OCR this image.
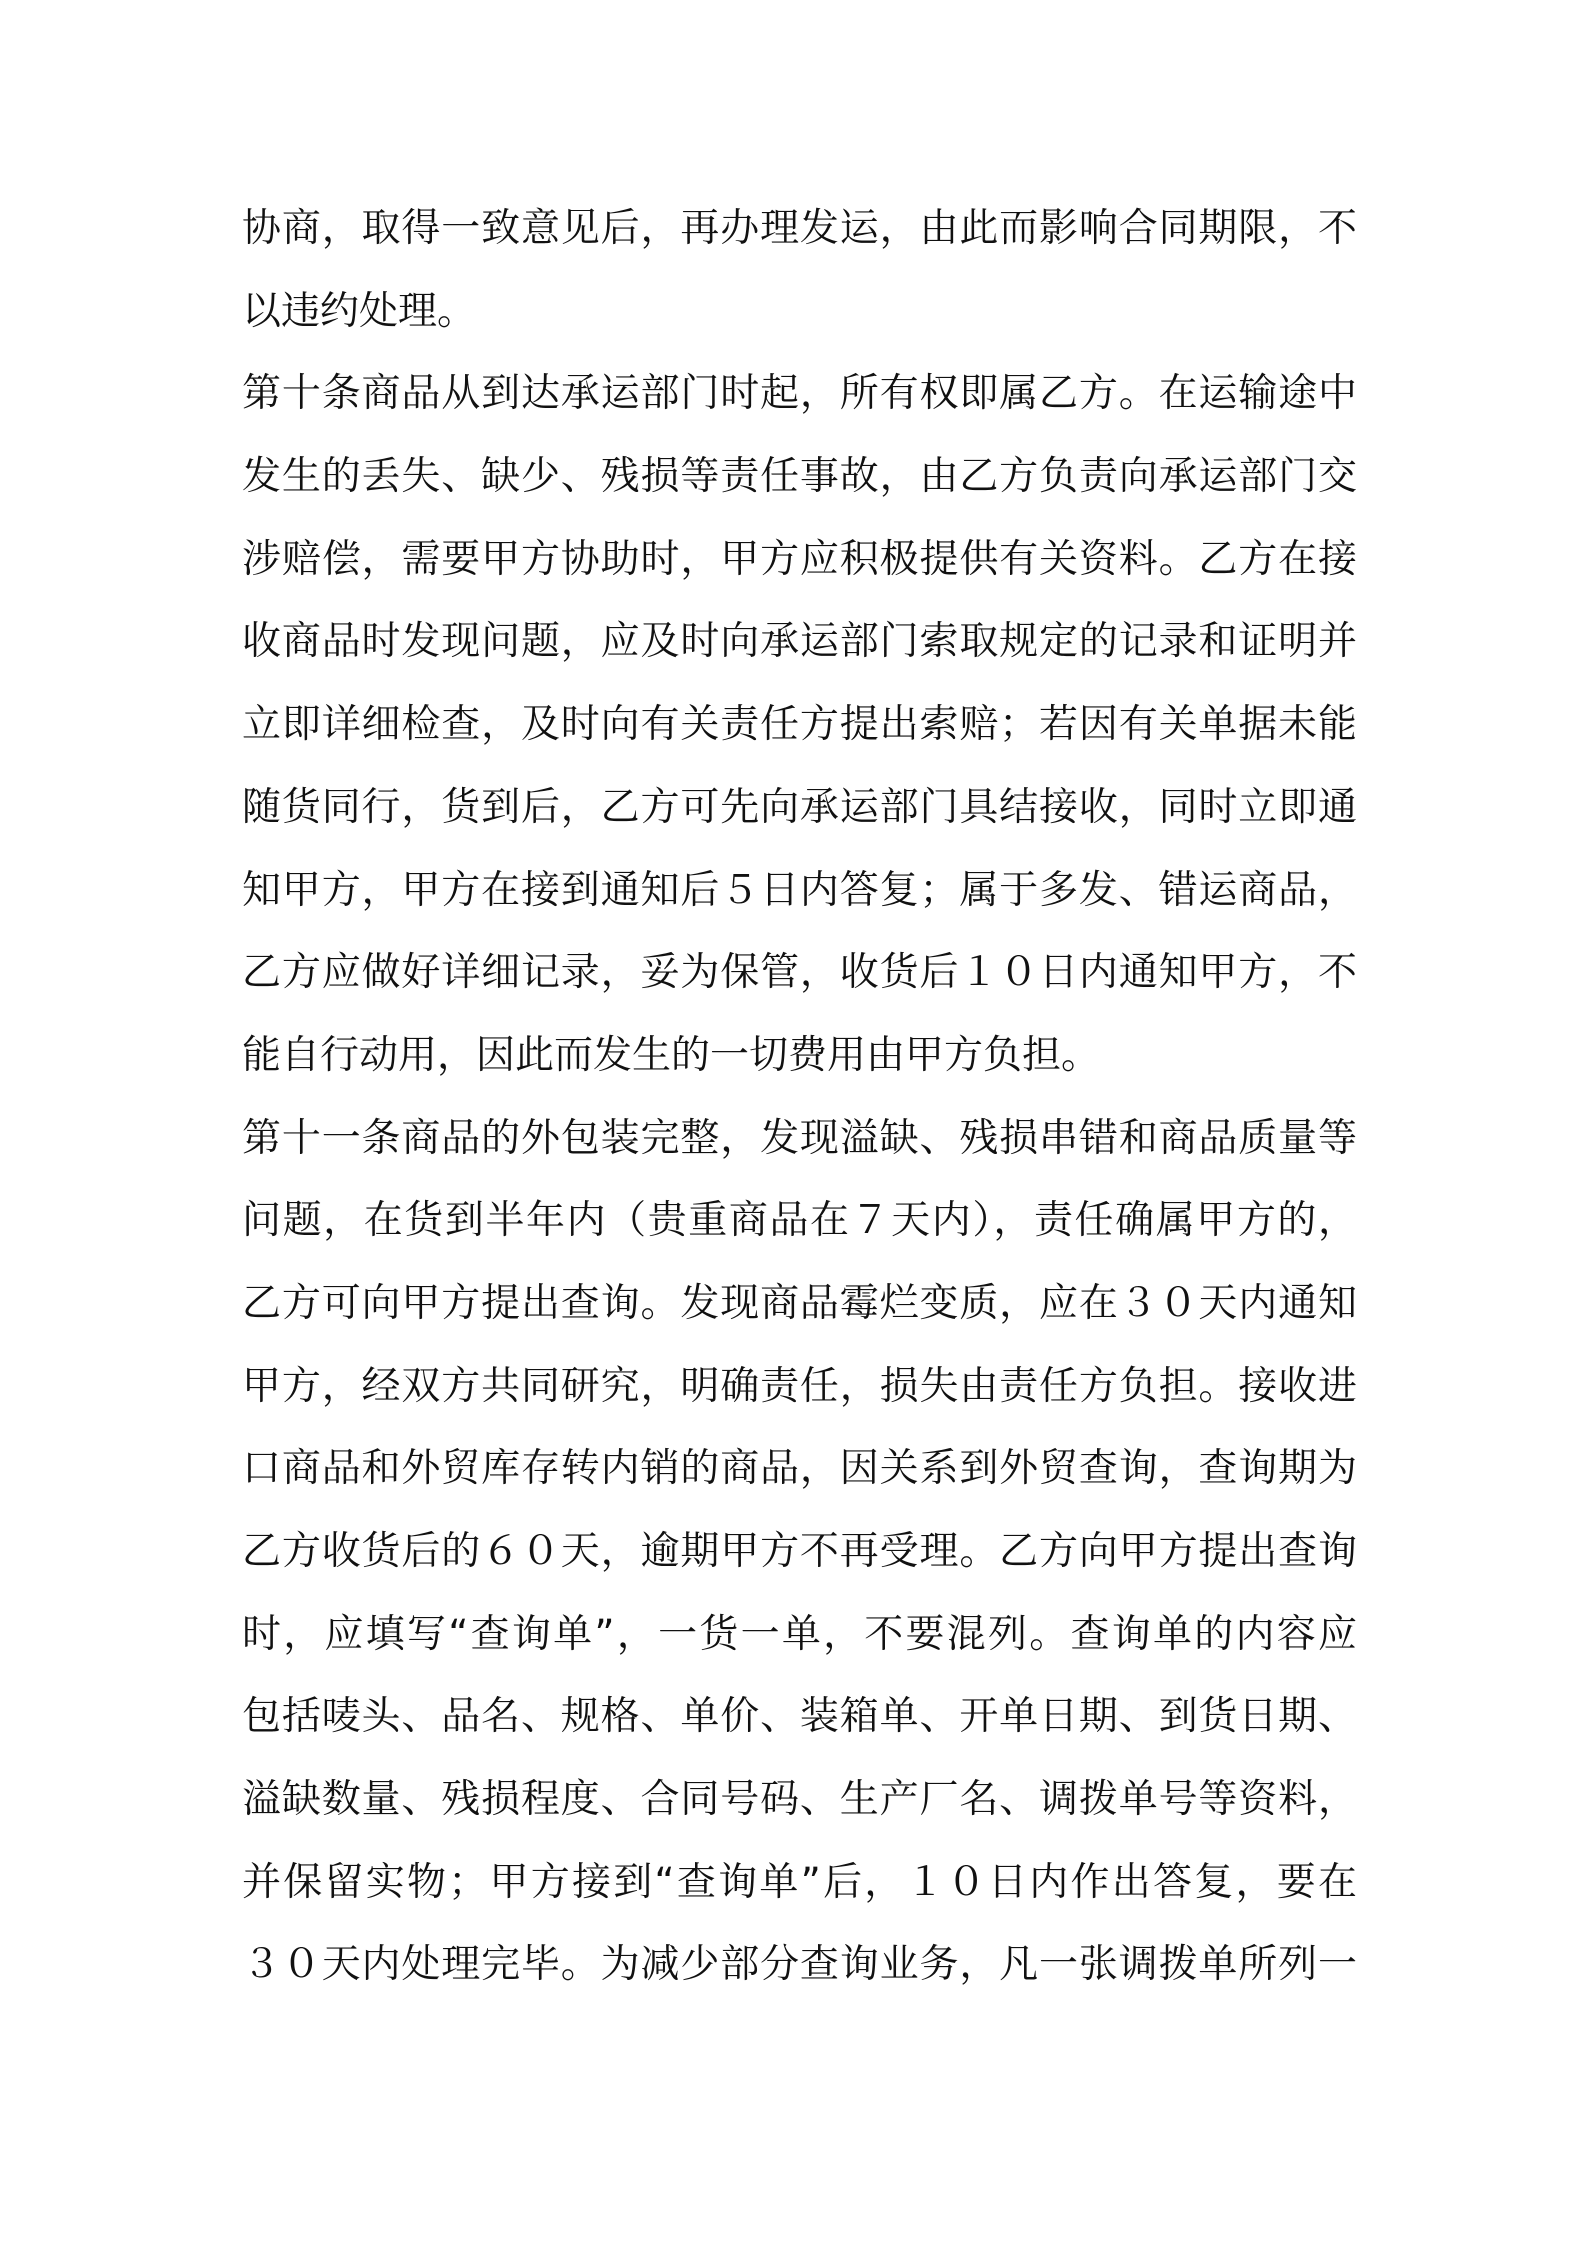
协商，取得一致意见后，再办理发运，由此而影响合同期限，不
以违约处理。
第十条商品从到达承运部门时起，所有权即属乙方。在运输途中
发生的丢失、缺少、残损等责任事故，由乙方负责向承运部门交
涉赔偿，需要甲方协助时，甲方应积极提供有关资料。乙方在接
收商品时发现问题，应及时向承运部门索取规定的记录和证明并
立即详细检查，及时向有关责任方提出索赔；若因有关单据未能
随货同行，货到后，乙方可先向承运部门具结接收，同时立即通
知甲方，甲方在接到通知后５日内答复；属于多发、错运商品，
乙方应做好详细记录，妥为保管，收货后１０日内通知甲方，不
能自行动用，因此而发生的一切费用由甲方负担。
第十一条商品的外包装完整，发现溢缺、残损串错和商品质量等
问题，在货到半年内（贵重商品在７天内），责任确属甲方的，
乙方可向甲方提出查询。发现商品霉烂变质，应在３０天内通知
甲方，经双方共同研究，明确责任，损失由责任方负担。接收进
口商品和外贸库存转内销的商品，因关系到外贸查询，查询期为
乙方收货后的６０天，逾期甲方不再受理。乙方向甲方提出查询
时，应填写“查询单”，一货一单，不要混列。查询单的内容应
包括唛头、品名、规格、单价、装箱单、开单日期、到货日期、
溢缺数量、残损程度、合同号码、生产厂名、调拨单号等资料，
并保留实物；甲方接到“查询单”后，１０日内作出答复，要在
３０天内处理完毕。为减少部分查询业务，凡一张调拨单所列一
